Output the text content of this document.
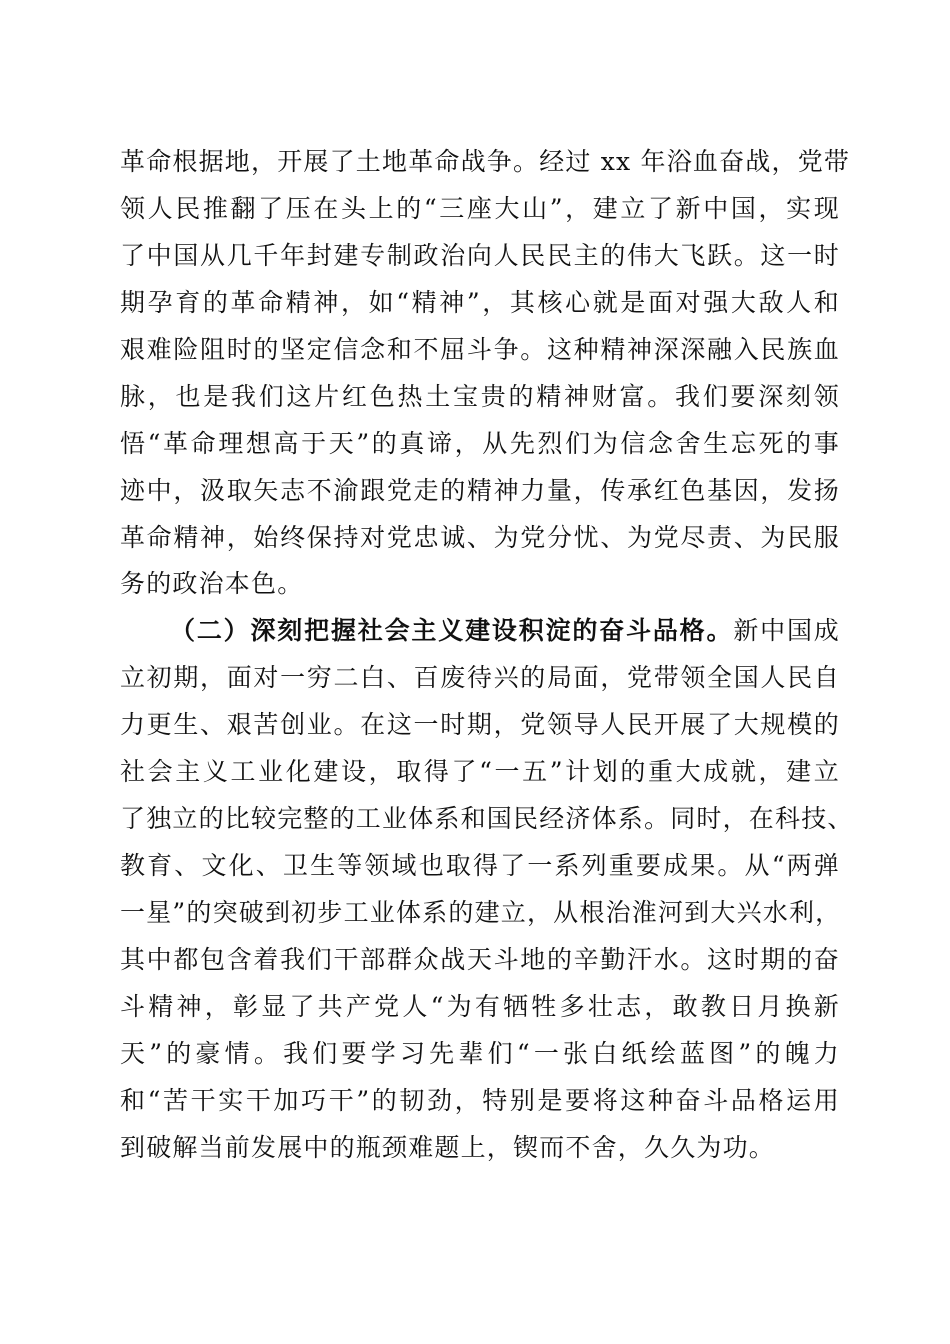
革命根据地，开展了土地革命战争。经过 xx 年浴血奋战，党带
领人民推翻了压在头上的“三座大山”，建立了新中国，实现
了中国从几千年封建专制政治向人民民主的伟大飞跃。这一时
期孕育的革命精神，如“精神”，其核心就是面对强大敌人和
艰难险阻时的坚定信念和不屈斗争。这种精神深深融入民族血
脉，也是我们这片红色热土宝贵的精神财富。我们要深刻领
悟“革命理想高于天”的真谛，从先烈们为信念舍生忘死的事
迹中，汲取矢志不渝跟党走的精神力量，传承红色基因，发扬
革命精神，始终保持对党忠诚、为党分忧、为党尽责、为民服
务的政治本色。
（二）深刻把握社会主义建设积淀的奋斗品格。新中国成
立初期，面对一穷二白、百废待兴的局面，党带领全国人民自
力更生、艰苦创业。在这一时期，党领导人民开展了大规模的
社会主义工业化建设，取得了“一五”计划的重大成就，建立
了独立的比较完整的工业体系和国民经济体系。同时，在科技、
教育、文化、卫生等领域也取得了一系列重要成果。从“两弹
一星”的突破到初步工业体系的建立，从根治淮河到大兴水利，
其中都包含着我们干部群众战天斗地的辛勤汗水。这时期的奋
斗精神，彰显了共产党人“为有牺牲多壮志，敢教日月换新
天”的豪情。我们要学习先辈们“一张白纸绘蓝图”的魄力
和“苦干实干加巧干”的韧劲，特别是要将这种奋斗品格运用
到破解当前发展中的瓶颈难题上，锲而不舍，久久为功。
